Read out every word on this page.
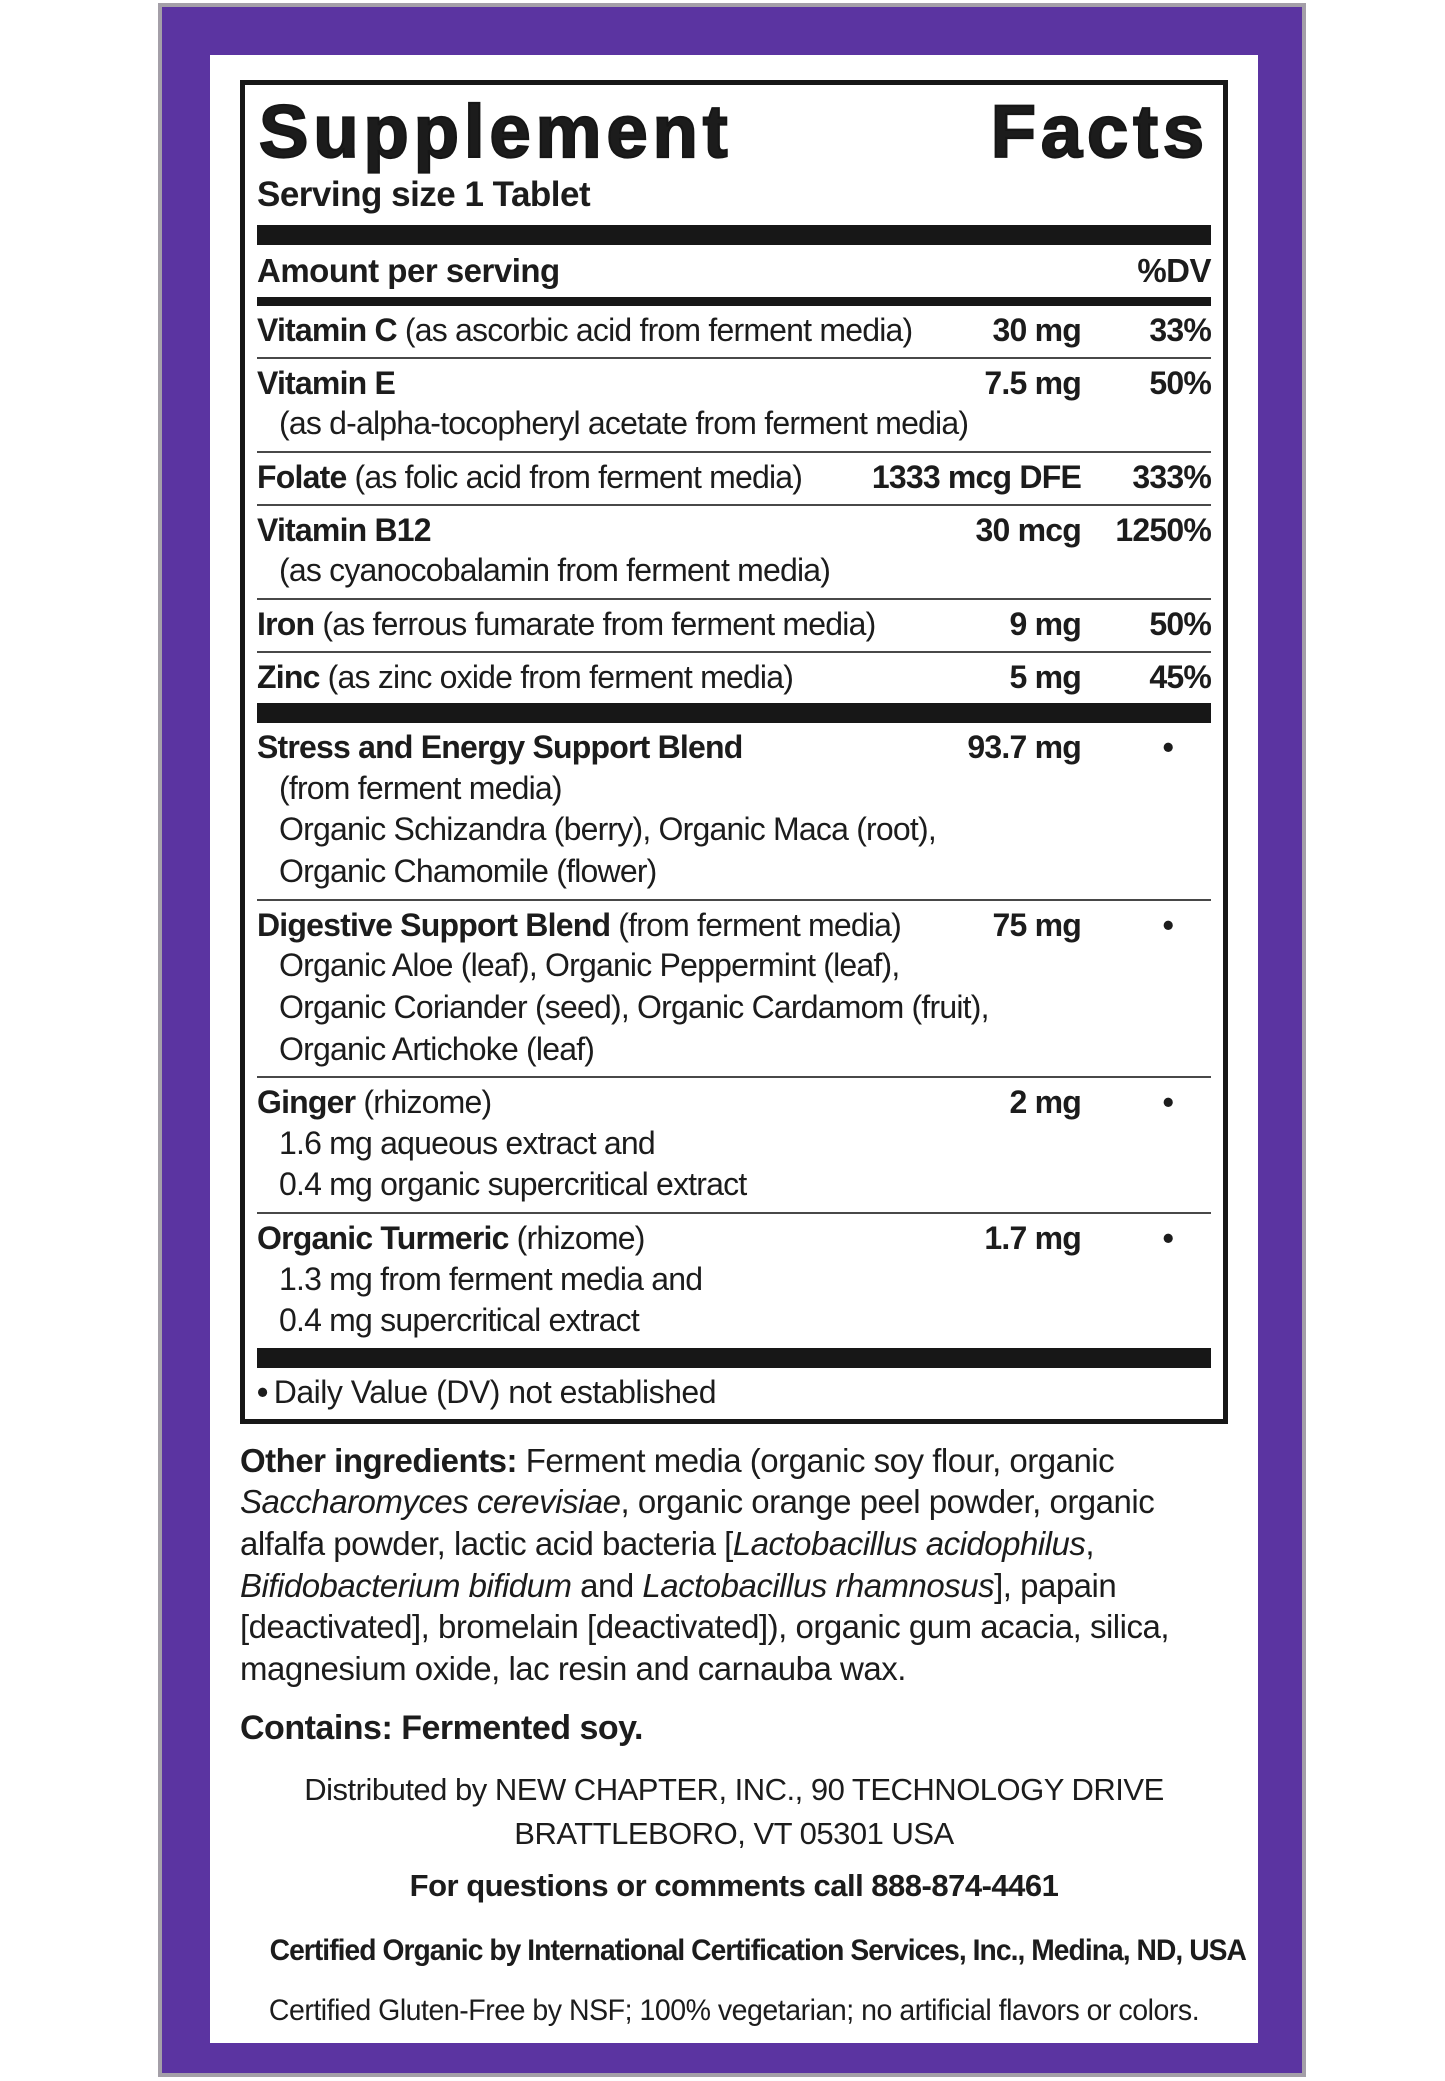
Supplement	Facts
Serving size 1 Tablet
Amount per serving	%DV
Vitamin C (as ascorbic acid from ferment media)	30 mg	33%
Vitamin E	7.5 mg	50%
(as d-alpha-tocopheryl acetate from ferment media)
Folate (as folic acid from ferment media)	1333 mcg DFE	333%
Vitamin B12	30 mcg	1250%
(as cyanocobalamin from ferment media)
Iron (as ferrous fumarate from ferment media)	9 mg	50%
Zinc (as zinc oxide from ferment media)	5 mg	45%
Stress and Energy Support Blend	93.7 mg	•
(from ferment media)
Organic Schizandra (berry), Organic Maca (root),
Organic Chamomile (flower)
Digestive Support Blend (from ferment media)	75 mg	•
Organic Aloe (leaf), Organic Peppermint (leaf),
Organic Coriander (seed), Organic Cardamom (fruit),
Organic Artichoke (leaf)
Ginger (rhizome)	2 mg	•
1.6 mg aqueous extract and
0.4 mg organic supercritical extract
Organic Turmeric (rhizome)	1.7 mg	•
1.3 mg from ferment media and
0.4 mg supercritical extract
• Daily Value (DV) not established

Other ingredients: Ferment media (organic soy flour, organic Saccharomyces cerevisiae, organic orange peel powder, organic alfalfa powder, lactic acid bacteria [Lactobacillus acidophilus, Bifidobacterium bifidum and Lactobacillus rhamnosus], papain [deactivated], bromelain [deactivated]), organic gum acacia, silica, magnesium oxide, lac resin and carnauba wax.

Contains: Fermented soy.

Distributed by NEW CHAPTER, INC., 90 TECHNOLOGY DRIVE
BRATTLEBORO, VT 05301 USA
For questions or comments call 888-874-4461
Certified Organic by International Certification Services, Inc., Medina, ND, USA
Certified Gluten-Free by NSF; 100% vegetarian; no artificial flavors or colors.
